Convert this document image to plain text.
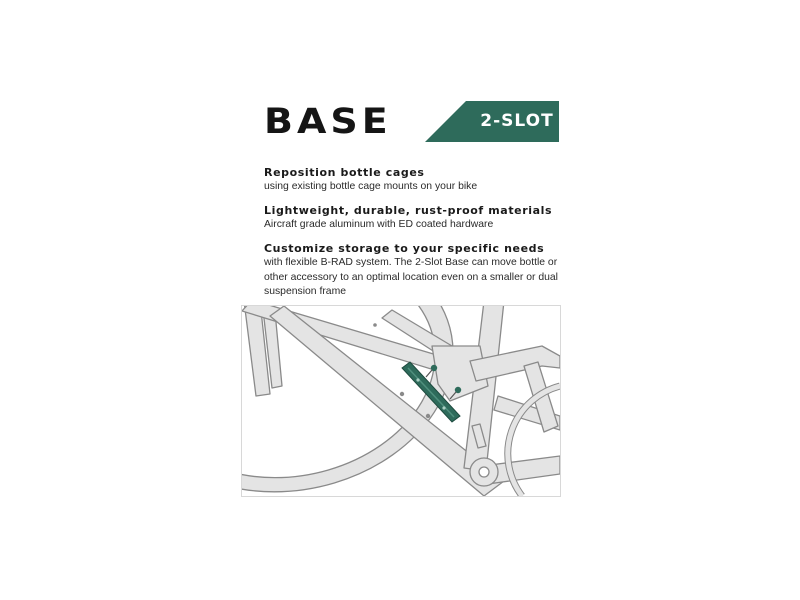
BASE	2-SLOT
Reposition bottle cages
using existing bottle cage mounts on your bike
Lightweight, durable, rust-proof materials
Aircraft grade aluminum with ED coated hardware
Customize storage to your specific needs
with flexible B-RAD system. The 2-Slot Base can move bottle or other accessory to an optimal location even on a smaller or dual suspension frame
